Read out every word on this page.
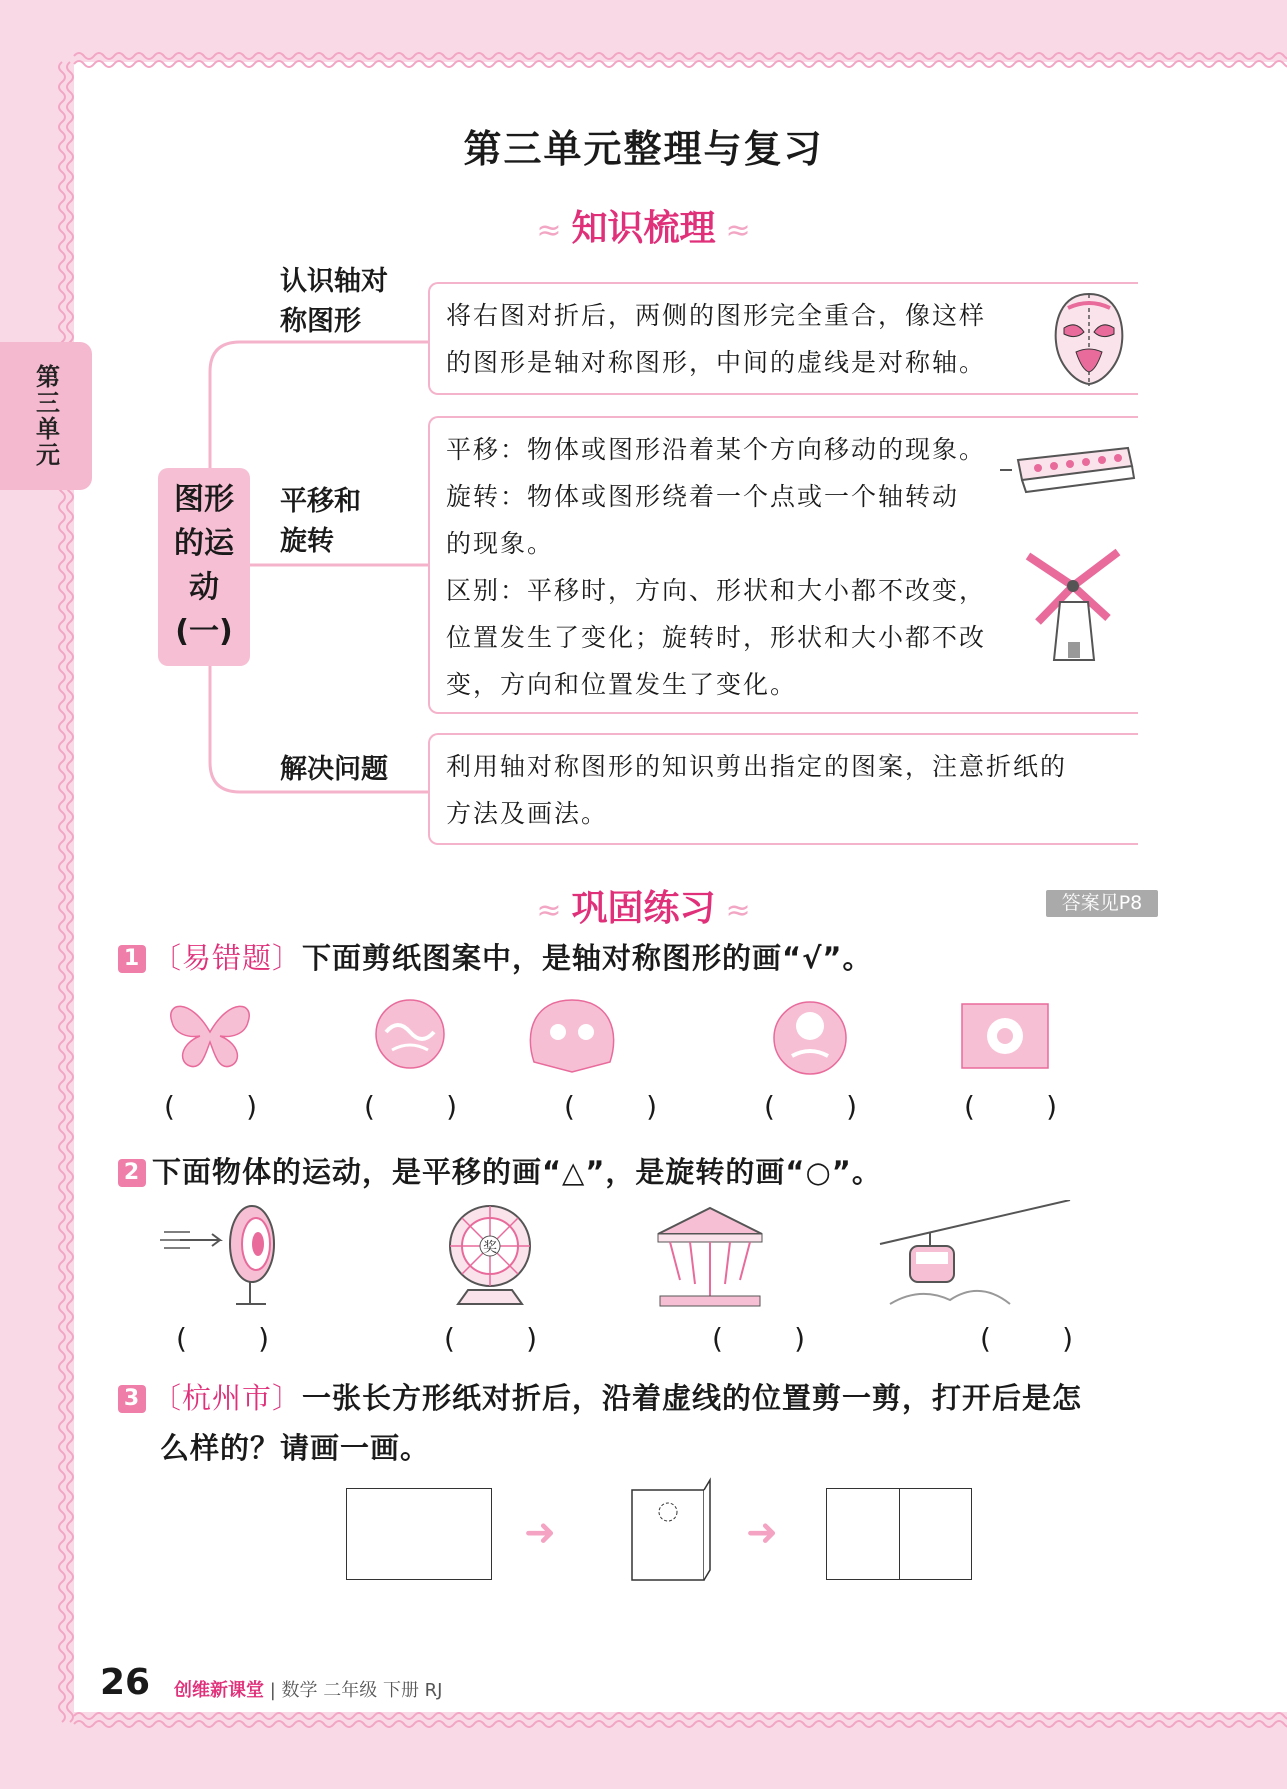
第三单元
第三单元整理与复习
≈ 知识梳理 ≈
图形
的运
动
(一)
认识轴对
称图形
平移和
旋转
解决问题
将右图对折后，两侧的图形完全重合，像这样
的图形是轴对称图形，中间的虚线是对称轴。
平移：物体或图形沿着某个方向移动的现象。
旋转：物体或图形绕着一个点或一个轴转动
的现象。
区别：平移时，方向、形状和大小都不改变，
位置发生了变化；旋转时，形状和大小都不改
变，方向和位置发生了变化。
利用轴对称图形的知识剪出指定的图案，注意折纸的
方法及画法。
≈ 巩固练习 ≈	答案见P8
1 〔易错题〕下面剪纸图案中，是轴对称图形的画“√”。
(        )	(        )	(        )	(        )	(        )
2 下面物体的运动，是平移的画“△”，是旋转的画“○”。
奖
(        )	(        )	(        )	(        )
3 〔杭州市〕一张长方形纸对折后，沿着虚线的位置剪一剪，打开后是怎
么样的？请画一画。
➜	➜
26 创维新课堂 | 数学 二年级 下册 RJ
